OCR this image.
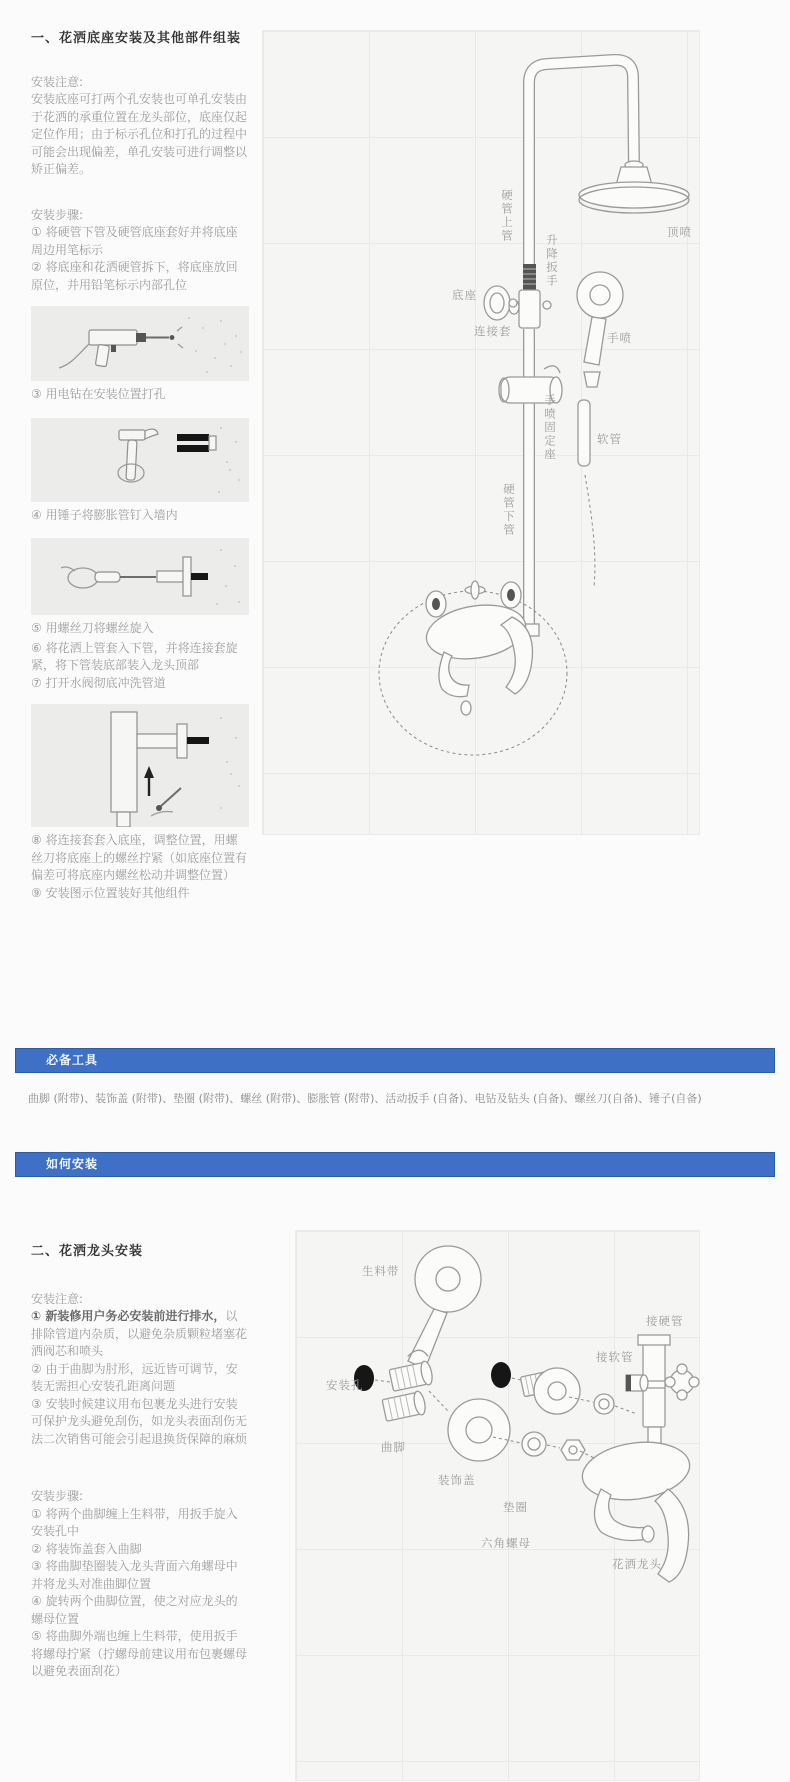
一、花洒底座安装及其他部件组装
安装注意:

安装底座可打两个孔安装也可单孔安装由于花洒的承重位置在龙头部位，底座仅起定位作用；由于标示孔位和打孔的过程中可能会出现偏差，单孔安装可进行调整以矫正偏差。

安装步骤:

① 将硬管下管及硬管底座套好并将底座周边用笔标示

② 将底座和花洒硬管拆下，将底座放回原位，并用铅笔标示内部孔位

③ 用电钻在安装位置打孔

④ 用锤子将膨胀管钉入墙内

⑤ 用螺丝刀将螺丝旋入

⑥ 将花洒上管套入下管，并将连接套旋紧，将下管装底部装入龙头顶部

⑦ 打开水阀彻底冲洗管道

⑧ 将连接套套入底座，调整位置，用螺丝刀将底座上的螺丝拧紧（如底座位置有偏差可将底座内螺丝松动并调整位置）

⑨ 安装图示位置装好其他组件

硬管上管
升降扳手
顶喷
底座
连接套	手喷
手喷固定座	软管
硬管下管
必备工具
曲脚 (附带)、装饰盖 (附带)、垫圈 (附带)、螺丝 (附带)、膨胀管 (附带)、活动扳手 (自备)、电钻及钻头 (自备)、螺丝刀(自备)、锤子(自备)
如何安装
二、花洒龙头安装
安装注意:

① 新装修用户务必安装前进行排水，以排除管道内杂质，以避免杂质颗粒堵塞花洒阀芯和喷头

② 由于曲脚为肘形，远近皆可调节，安装无需担心安装孔距离问题

③ 安装时候建议用布包裹龙头进行安装可保护龙头避免刮伤，如龙头表面刮伤无法二次销售可能会引起退换货保障的麻烦

安装步骤:

① 将两个曲脚缠上生料带，用扳手旋入安装孔中

② 将装饰盖套入曲脚

③ 将曲脚垫圈装入龙头背面六角螺母中并将龙头对准曲脚位置

④ 旋转两个曲脚位置，使之对应龙头的螺母位置

⑤ 将曲脚外端也缠上生料带，使用扳手将螺母拧紧（拧螺母前建议用布包裹螺母以避免表面刮花）

生料带
接硬管
接软管
安装孔
曲脚
装饰盖
垫圈
六角螺母
花洒龙头
